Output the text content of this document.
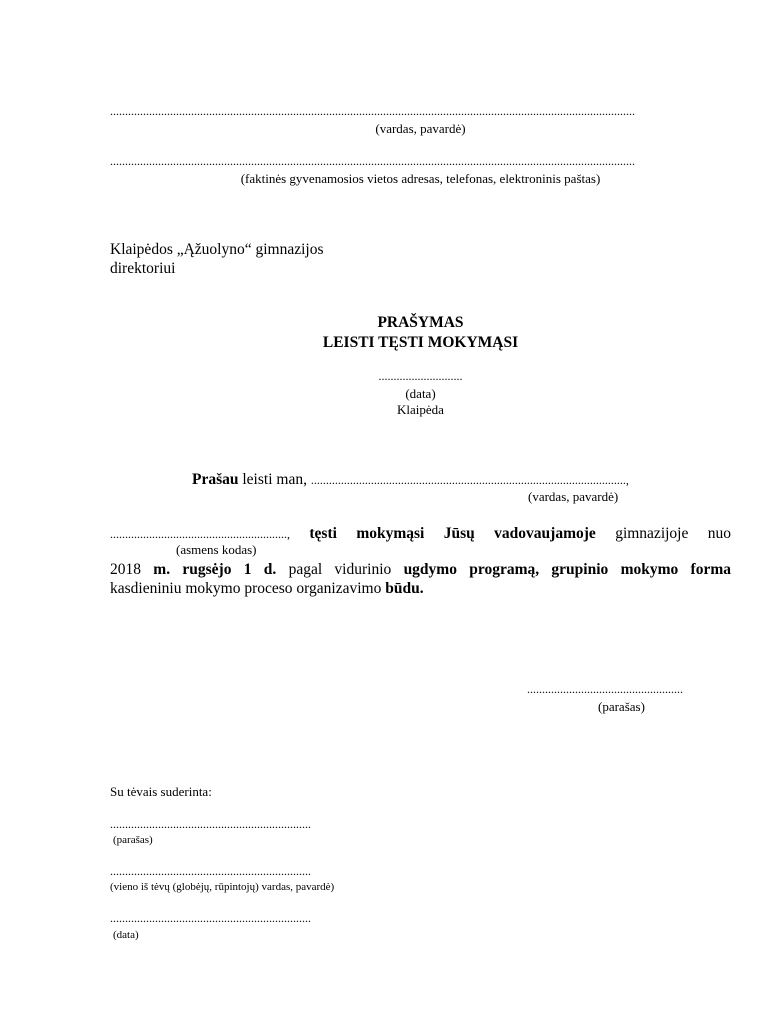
...............................................................................................................................................................................
(vardas, pavardė)
...............................................................................................................................................................................
(faktinės gyvenamosios vietos adresas, telefonas, elektroninis paštas)
Klaipėdos „Ąžuolyno“ gimnazijos
direktoriui
PRAŠYMAS
LEISTI TĘSTI MOKYMĄSI
............................
(data)
Klaipėda
Prašau leisti man, .........................................................................................................,
(vardas, pavardė)
..........................................................., tęsti mokymąsi Jūsų vadovaujamoje gimnazijoje nuo
(asmens kodas)
2018 m. rugsėjo 1 d. pagal vidurinio ugdymo programą, grupinio mokymo forma
kasdieniniu mokymo proceso organizavimo būdu.
....................................................
(parašas)
Su tėvais suderinta:
...................................................................
(parašas)
...................................................................
(vieno iš tėvų (globėjų, rūpintojų) vardas, pavardė)
...................................................................
(data)
